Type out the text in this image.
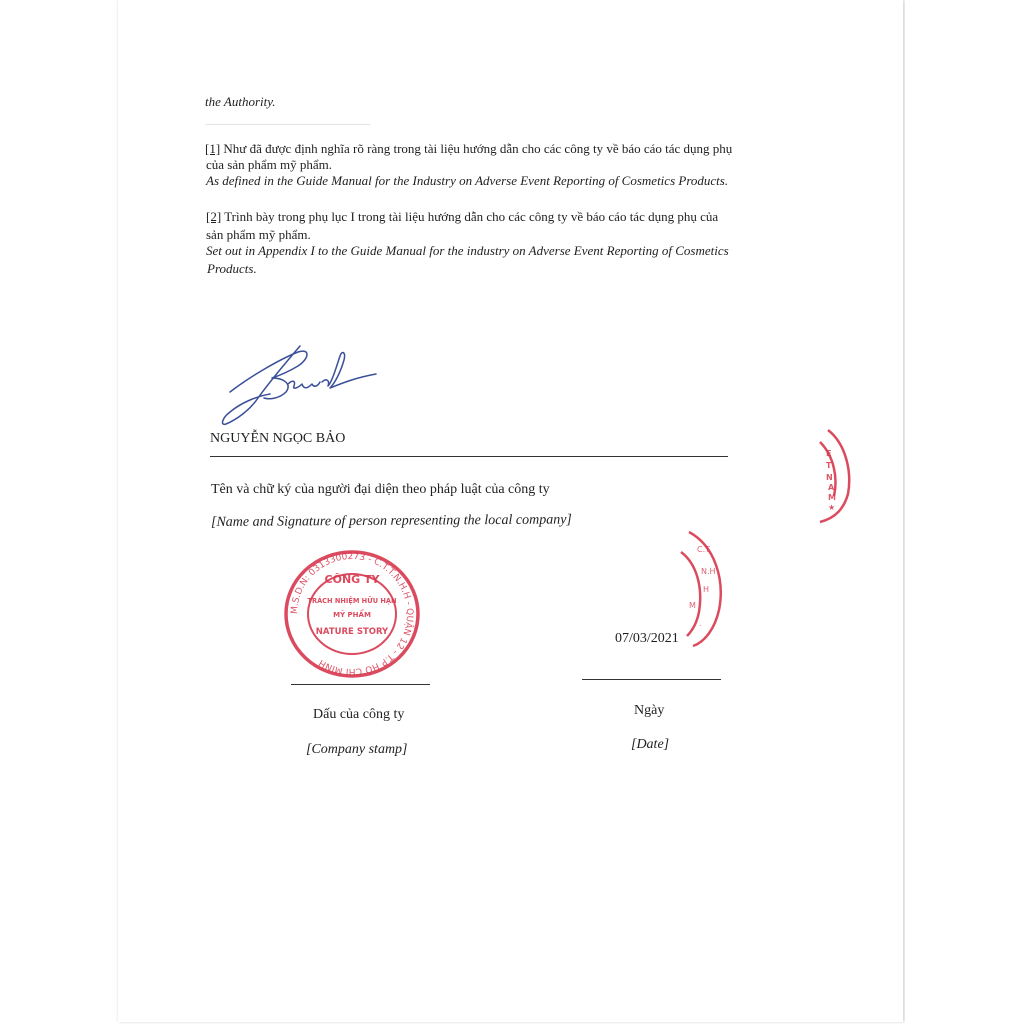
the Authority.
[1] Như đã được định nghĩa rõ ràng trong tài liệu hướng dẫn cho các công ty về báo cáo tác dụng phụ
của sản phẩm mỹ phẩm.
As defined in the Guide Manual for the Industry on Adverse Event Reporting of Cosmetics Products.
[2] Trình bày trong phụ lục I trong tài liệu hướng dẫn cho các công ty về báo cáo tác dụng phụ của
sản phẩm mỹ phẩm.
Set out in Appendix I to the Guide Manual for the industry on Adverse Event Reporting of Cosmetics
Products.
NGUYỄN NGỌC BẢO
Tên và chữ ký của người đại diện theo pháp luật của công ty
[Name and Signature of person representing the local company]
M.S.D.N: 0313300273 - C.T.T.N.H.H - QUẬN 12 - T.P HỒ CHÍ MINH
CÔNG TY
TRÁCH NHIỆM HỮU HẠN
MỸ PHẨM
NATURE STORY
C.T
N.H
H
M
.
E
T
N
A
M
★
07/03/2021
Ngày
[Date]
Dấu của công ty
[Company stamp]
